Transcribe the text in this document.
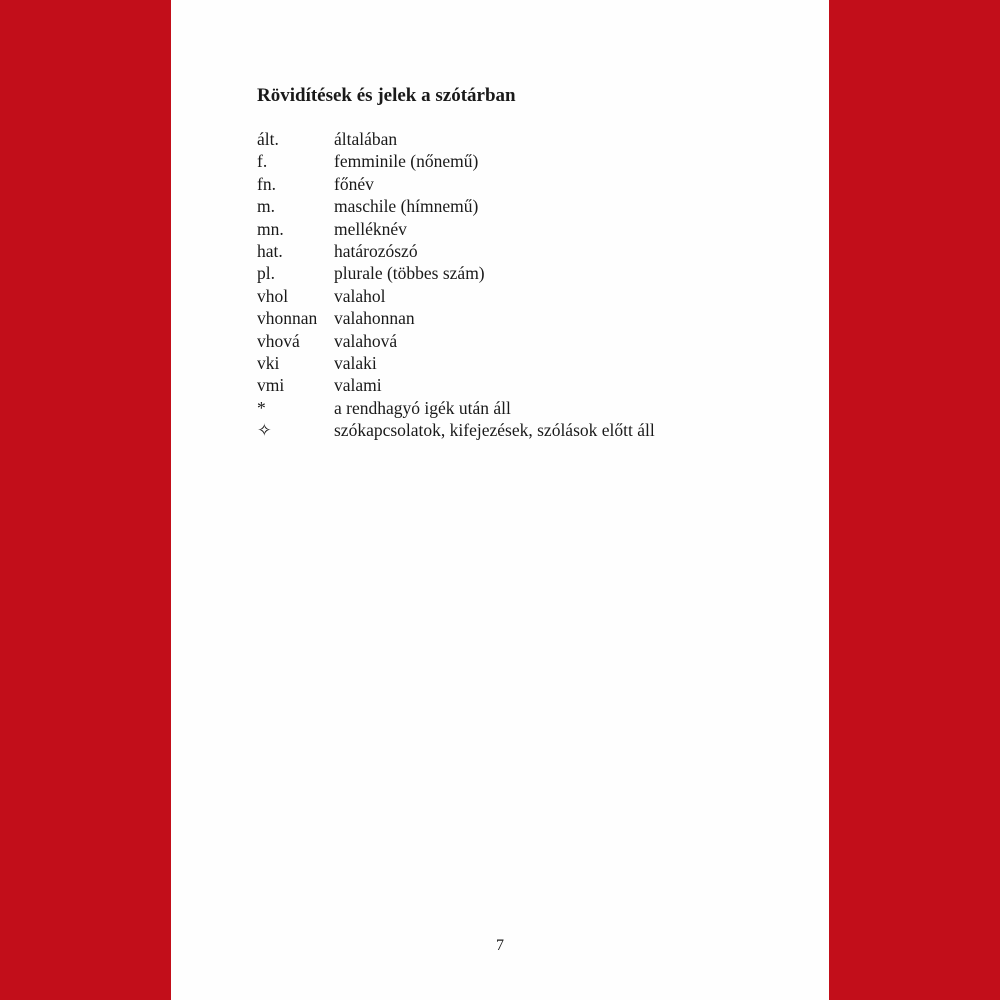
Rövidítések és jelek a szótárban
ált.	általában
f.	femminile (nőnemű)
fn.	főnév
m.	maschile (hímnemű)
mn.	melléknév
hat.	határozószó
pl.	plurale (többes szám)
vhol	valahol
vhonnan valahonnan
vhová valahová
vki	valaki
vmi	valami
*	a rendhagyó igék után áll
✧	szókapcsolatok, kifejezések, szólások előtt áll
7
